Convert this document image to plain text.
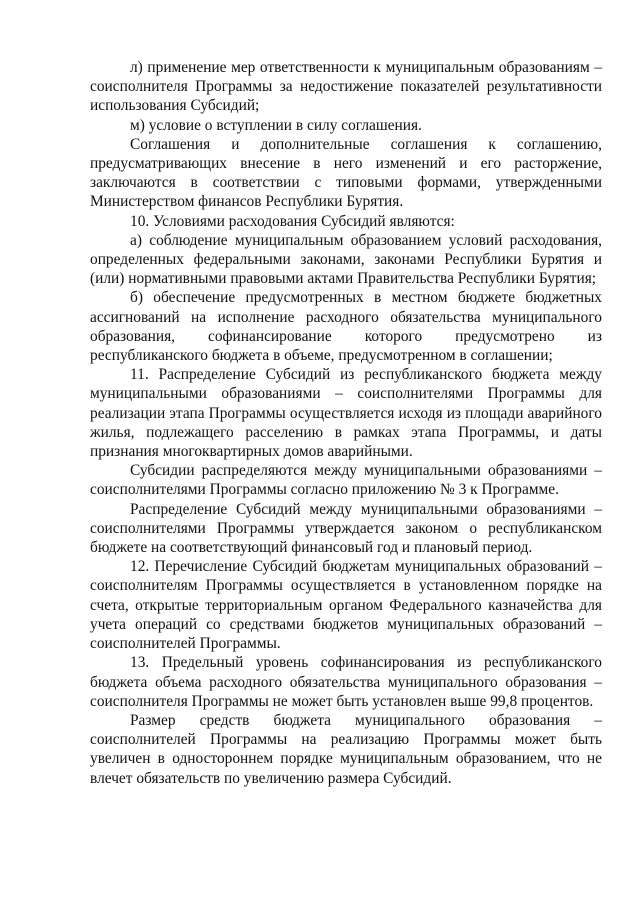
л) применение мер ответственности к муниципальным образованиям – соисполнителя Программы за недостижение показателей результативности использования Субсидий;

м) условие о вступлении в силу соглашения.

Соглашения и дополнительные соглашения к соглашению, предусматривающих внесение в него изменений и его расторжение, заключаются в соответствии с типовыми формами, утвержденными Министерством финансов Республики Бурятия.

10. Условиями расходования Субсидий являются:

а) соблюдение муниципальным образованием условий расходования, определенных федеральными законами, законами Республики Бурятия и (или) нормативными правовыми актами Правительства Республики Бурятия;

б) обеспечение предусмотренных в местном бюджете бюджетных ассигнований на исполнение расходного обязательства муниципального образования, софинансирование которого предусмотрено из республиканского бюджета в объеме, предусмотренном в соглашении;

11. Распределение Субсидий из республиканского бюджета между муниципальными образованиями – соисполнителями Программы для реализации этапа Программы осуществляется исходя из площади аварийного жилья, подлежащего расселению в рамках этапа Программы, и даты признания многоквартирных домов аварийными.

Субсидии распределяются между муниципальными образованиями – соисполнителями Программы согласно приложению № 3 к Программе.

Распределение Субсидий между муниципальными образованиями – соисполнителями Программы утверждается законом о республиканском бюджете на соответствующий финансовый год и плановый период.

12. Перечисление Субсидий бюджетам муниципальных образований – соисполнителям Программы осуществляется в установленном порядке на счета, открытые территориальным органом Федерального казначейства для учета операций со средствами бюджетов муниципальных образований – соисполнителей Программы.

13. Предельный уровень софинансирования из республиканского бюджета объема расходного обязательства муниципального образования – соисполнителя Программы не может быть установлен выше 99,8 процентов.

Размер средств бюджета муниципального образования – соисполнителей Программы на реализацию Программы может быть увеличен в одностороннем порядке муниципальным образованием, что не влечет обязательств по увеличению размера Субсидий.
